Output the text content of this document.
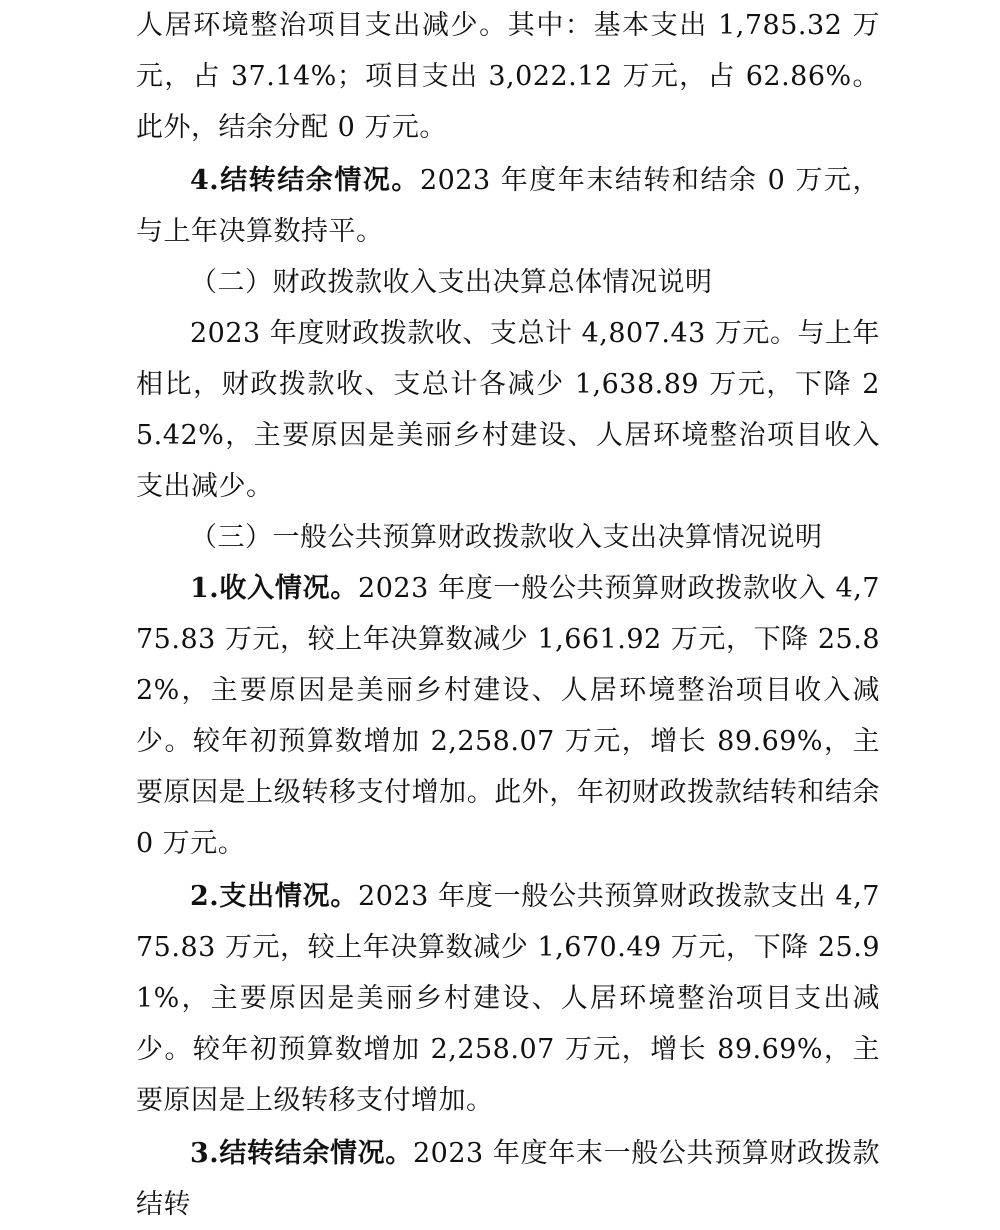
人居环境整治项目支出减少。其中：基本支出 1,785.32 万元，占 37.14%；项目支出 3,022.12 万元，占 62.86%。此外，结余分配 0 万元。

4.结转结余情况。2023 年度年末结转和结余 0 万元，与上年决算数持平。

（二）财政拨款收入支出决算总体情况说明

2023 年度财政拨款收、支总计 4,807.43 万元。与上年相比，财政拨款收、支总计各减少 1,638.89 万元，下降 25.42%，主要原因是美丽乡村建设、人居环境整治项目收入支出减少。

（三）一般公共预算财政拨款收入支出决算情况说明

1.收入情况。2023 年度一般公共预算财政拨款收入 4,775.83 万元，较上年决算数减少 1,661.92 万元，下降 25.82%，主要原因是美丽乡村建设、人居环境整治项目收入减少。较年初预算数增加 2,258.07 万元，增长 89.69%，主要原因是上级转移支付增加。此外，年初财政拨款结转和结余 0 万元。

2.支出情况。2023 年度一般公共预算财政拨款支出 4,775.83 万元，较上年决算数减少 1,670.49 万元，下降 25.91%，主要原因是美丽乡村建设、人居环境整治项目支出减少。较年初预算数增加 2,258.07 万元，增长 89.69%，主要原因是上级转移支付增加。

3.结转结余情况。2023 年度年末一般公共预算财政拨款结转
